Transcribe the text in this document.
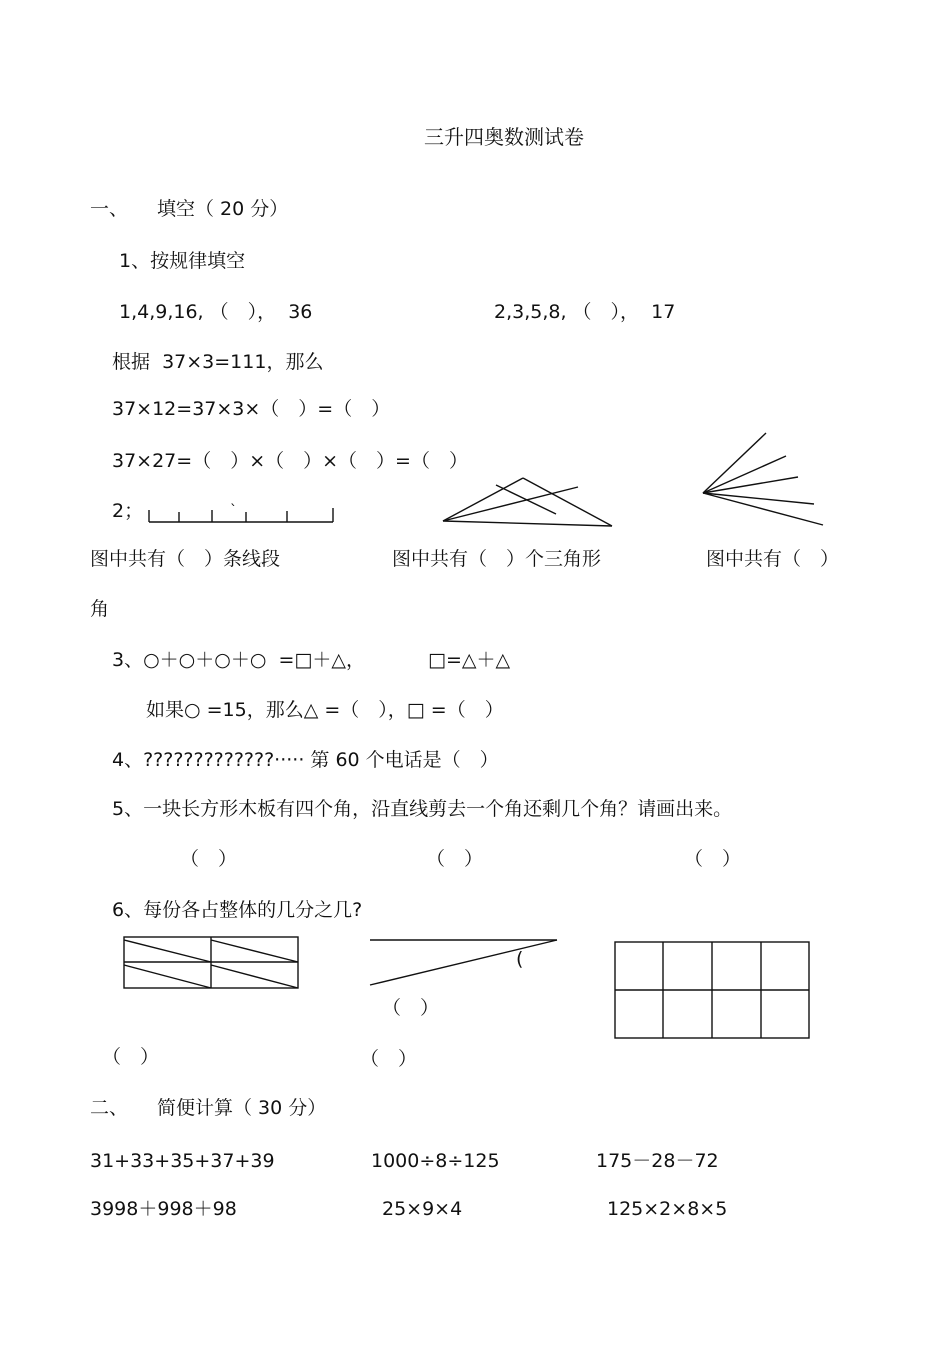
三升四奥数测试卷
一、 填空（ 20 分）
1、按规律填空
1,4,9,16, （　），  36	2,3,5,8, （　），  17
根据  37×3=111，那么
37×12=37×3×（　）=（　）
37×27=（　）×（　）×（　）=（　）
2；	`
图中共有（　）条线段	图中共有（　）个三角形	图中共有（　）
角
3、○＋○＋○＋○  =□＋△，	□=△＋△
如果○ =15，那么△ =（　），□ =（　）
4、?????????????····· 第 60 个电话是（　）
5、一块长方形木板有四个角，沿直线剪去一个角还剩几个角？请画出来。
（　）	（　）	（　）
6、每份各占整体的几分之几?
(
（　）
（　）	（　）
二、 简便计算（ 30 分）
31+33+35+37+39	1000÷8÷125	175－28－72
3998＋998＋98	25×9×4	125×2×8×5
